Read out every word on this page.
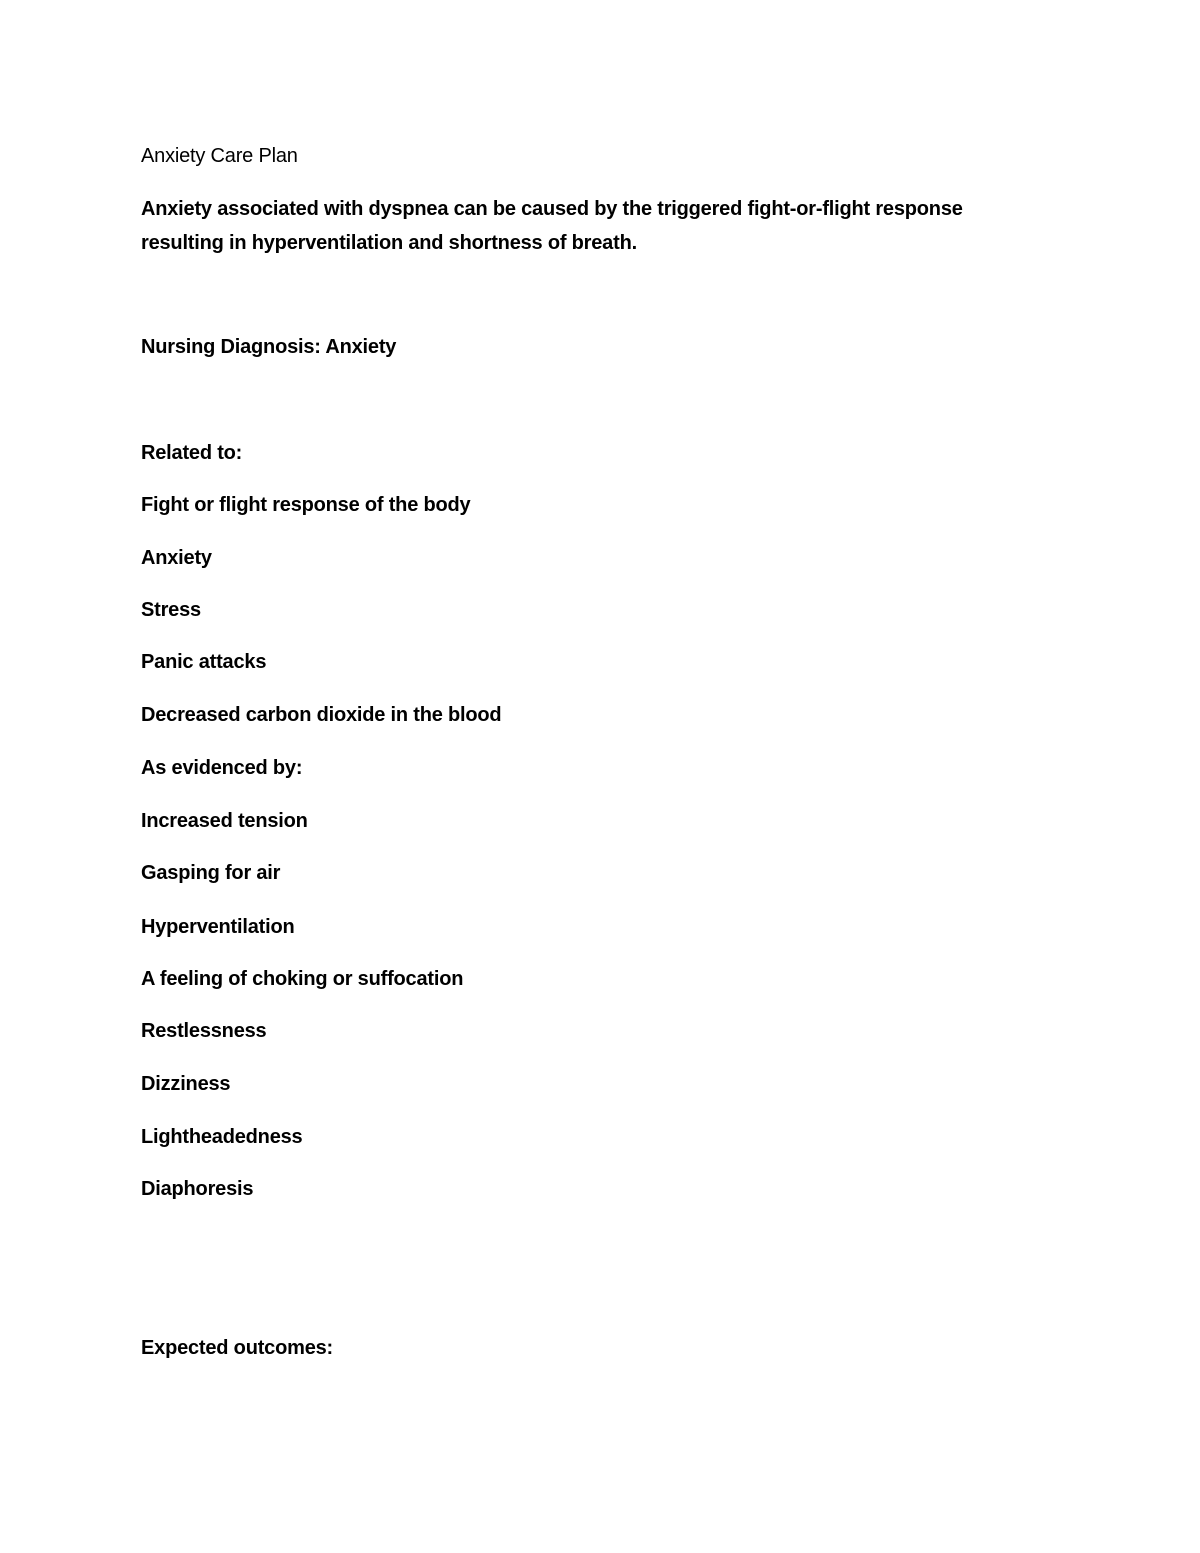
Anxiety Care Plan
Anxiety associated with dyspnea can be caused by the triggered fight-or-flight response resulting in hyperventilation and shortness of breath.
Nursing Diagnosis: Anxiety
Related to:
Fight or flight response of the body
Anxiety
Stress
Panic attacks
Decreased carbon dioxide in the blood
As evidenced by:
Increased tension
Gasping for air
Hyperventilation
A feeling of choking or suffocation
Restlessness
Dizziness
Lightheadedness
Diaphoresis
Expected outcomes:
